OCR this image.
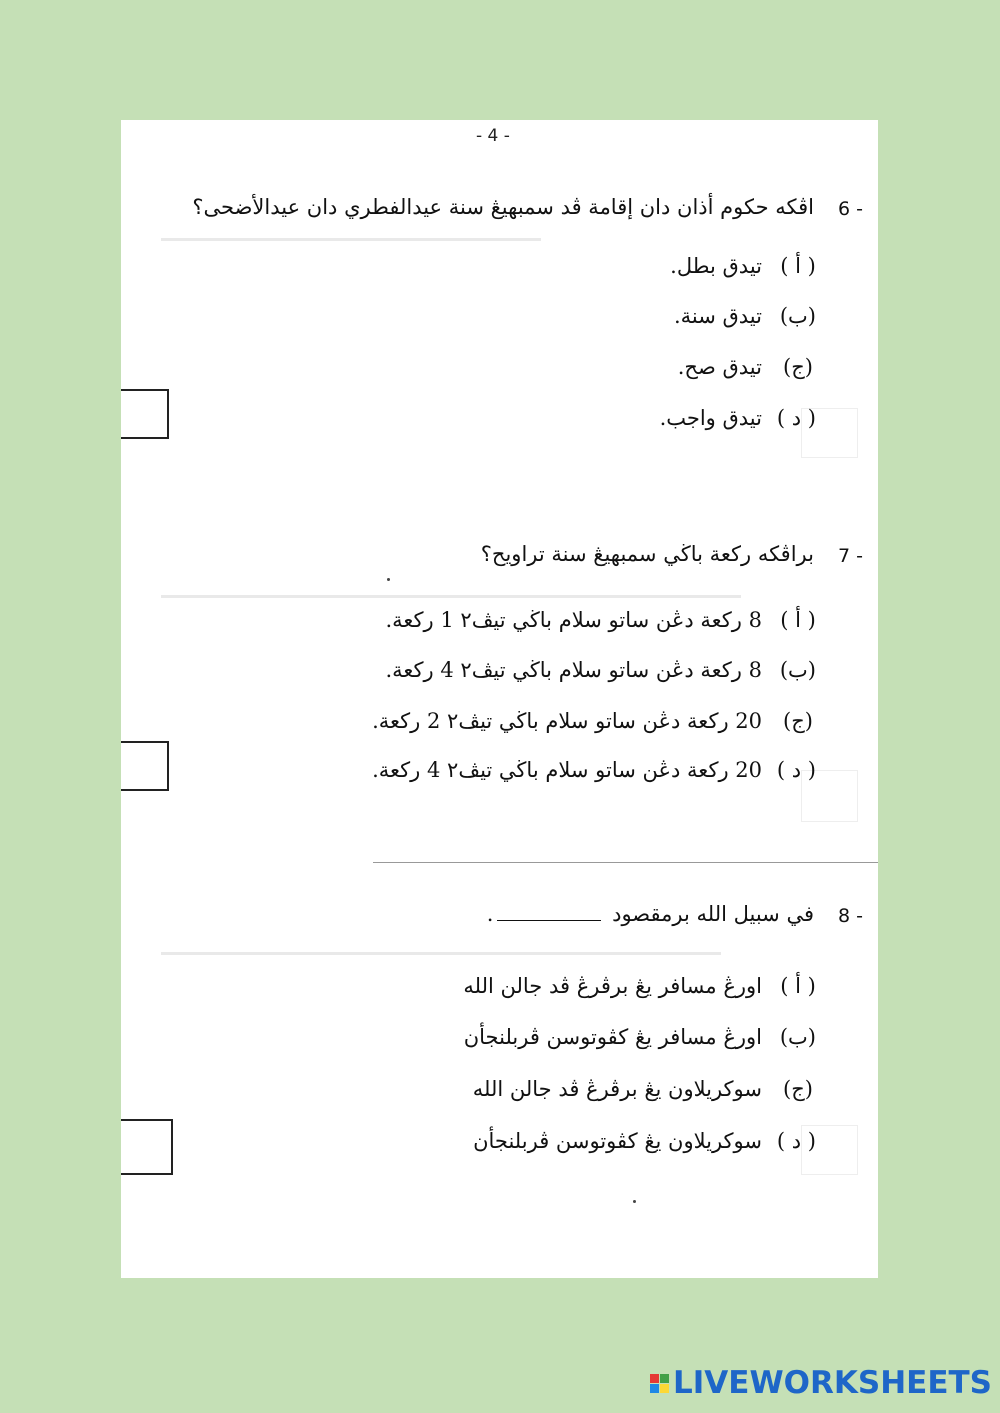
- 4 -
6 -
اڤكه حكوم أذان دان إقامة ڤد سمبهيڠ سنة عيدالفطري دان عيدالأضحى؟
( أ )
تيدق بطل.
(ب)
تيدق سنة.
(ج)
تيدق صح.
( د )
تيدق واجب.
7 -
براڤكه ركعة باڬي سمبهيڠ سنة تراويح؟
( أ )
8 ركعة دڠن ساتو سلام باڬي تيڤ٢ 1 ركعة.
(ب)
8 ركعة دڠن ساتو سلام باڬي تيڤ٢ 4 ركعة.
(ج)
20 ركعة دڠن ساتو سلام باڬي تيڤ٢ 2 ركعة.
( د )
20 ركعة دڠن ساتو سلام باڬي تيڤ٢ 4 ركعة.
8 -
في سبيل الله برمقصود .
( أ )
اورڠ مسافر يڠ برڤرڠ ڤد جالن الله
(ب)
اورڠ مسافر يڠ كڤوتوسن ڤربلنجأن
(ج)
سوكريلاون يڠ برڤرڠ ڤد جالن الله
( د )
سوكريلاون يڠ كڤوتوسن ڤربلنجأن
LIVEWORKSHEETS
